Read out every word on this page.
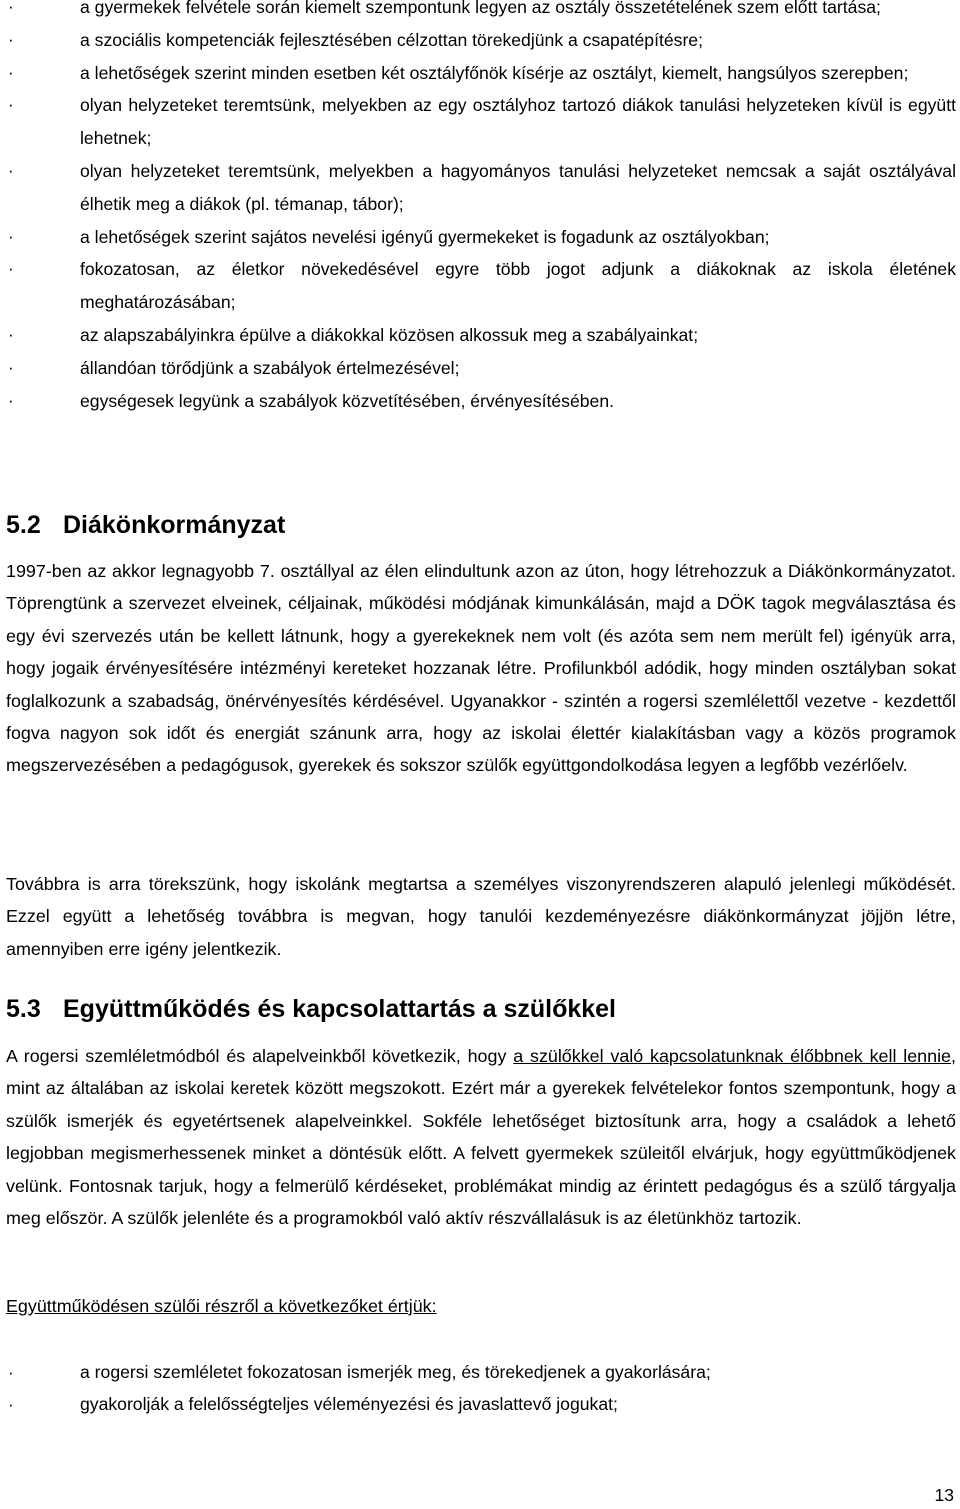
· a gyermekek felvétele során kiemelt szempontunk legyen az osztály összetételének szem előtt tartása;
· a szociális kompetenciák fejlesztésében célzottan törekedjünk a csapatépítésre;
· a lehetőségek szerint minden esetben két osztályfőnök kísérje az osztályt, kiemelt, hangsúlyos szerepben;
· olyan helyzeteket teremtsünk, melyekben az egy osztályhoz tartozó diákok tanulási helyzeteken kívül is együtt lehetnek;
· olyan helyzeteket teremtsünk, melyekben a hagyományos tanulási helyzeteket nemcsak a saját osztályával élhetik meg a diákok (pl. témanap, tábor);
· a lehetőségek szerint sajátos nevelési igényű gyermekeket is fogadunk az osztályokban;
· fokozatosan, az életkor növekedésével egyre több jogot adjunk a diákoknak az iskola életének meghatározásában;
· az alapszabályinkra épülve a diákokkal közösen alkossuk meg a szabályainkat;
· állandóan törődjünk a szabályok értelmezésével;
· egységesek legyünk a szabályok közvetítésében, érvényesítésében.
5.2 Diákönkormányzat

1997-ben az akkor legnagyobb 7. osztállyal az élen elindultunk azon az úton, hogy létrehozzuk a Diákönkormányzatot. Töprengtünk a szervezet elveinek, céljainak, működési módjának kimunkálásán, majd a DÖK tagok megválasztása és egy évi szervezés után be kellett látnunk, hogy a gyerekeknek nem volt (és azóta sem nem merült fel) igényük arra, hogy jogaik érvényesítésére intézményi kereteket hozzanak létre. Profilunkból adódik, hogy minden osztályban sokat foglalkozunk a szabadság, önérvényesítés kérdésével. Ugyanakkor - szintén a rogersi szemlélettől vezetve - kezdettől fogva nagyon sok időt és energiát szánunk arra, hogy az iskolai élettér kialakításban vagy a közös programok megszervezésében a pedagógusok, gyerekek és sokszor szülők együttgondolkodása legyen a legfőbb vezérlőelv.

Továbbra is arra törekszünk, hogy iskolánk megtartsa a személyes viszonyrendszeren alapuló jelenlegi működését. Ezzel együtt a lehetőség továbbra is megvan, hogy tanulói kezdeményezésre diákönkormányzat jöjjön létre, amennyiben erre igény jelentkezik.

5.3 Együttműködés és kapcsolattartás a szülőkkel

A rogersi szemléletmódból és alapelveinkből következik, hogy a szülőkkel való kapcsolatunknak élőbbnek kell lennie, mint az általában az iskolai keretek között megszokott. Ezért már a gyerekek felvételekor fontos szempontunk, hogy a szülők ismerjék és egyetértsenek alapelveinkkel. Sokféle lehetőséget biztosítunk arra, hogy a családok a lehető legjobban megismerhessenek minket a döntésük előtt. A felvett gyermekek szüleitől elvárjuk, hogy együttműködjenek velünk. Fontosnak tarjuk, hogy a felmerülő kérdéseket, problémákat mindig az érintett pedagógus és a szülő tárgyalja meg először. A szülők jelenléte és a programokból való aktív részvállalásuk is az életünkhöz tartozik.

Együttműködésen szülői részről a következőket értjük:

· a rogersi szemléletet fokozatosan ismerjék meg, és törekedjenek a gyakorlására;
· gyakorolják a felelősségteljes véleményezési és javaslattevő jogukat;
13
